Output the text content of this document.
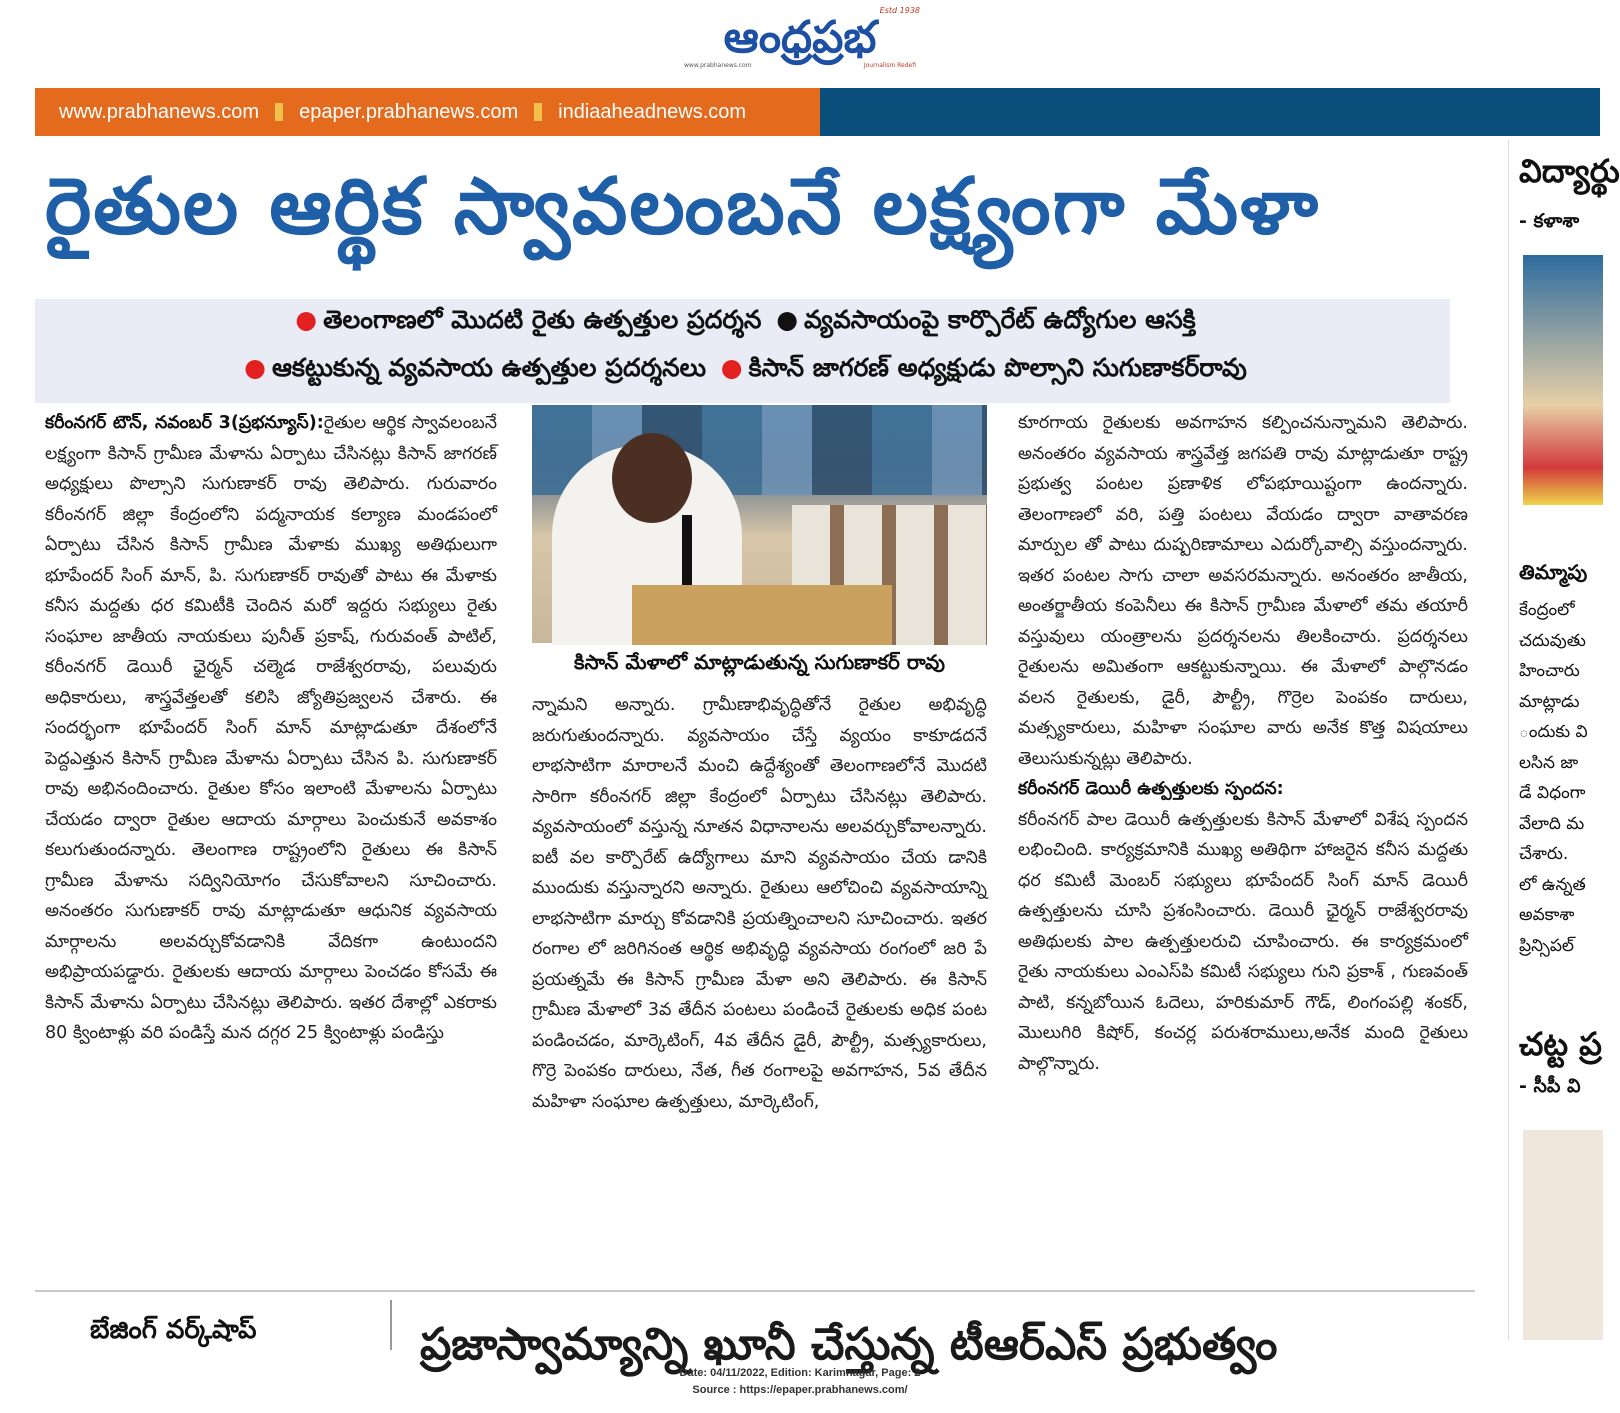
ఆంధ్రప్రభ
Estd 1938
www.prabhanews.com	Journalism Redefi
www.prabhanews.com epaper.prabhanews.com indiaaheadnews.com
రైతుల ఆర్థిక స్వావలంబనే లక్ష్యంగా మేళా
● తెలంగాణలో మొదటి రైతు ఉత్పత్తుల ప్రదర్శన ● వ్యవసాయంపై కార్పొరేట్ ఉద్యోగుల ఆసక్తి
● ఆకట్టుకున్న వ్యవసాయ ఉత్పత్తుల ప్రదర్శనలు ● కిసాన్ జాగరణ్ అధ్యక్షుడు పొల్సాని సుగుణాకర్‌రావు

కరీంనగర్ టౌన్, నవంబర్ 3(ప్రభన్యూస్):రైతుల ఆర్థిక స్వావలంబనే లక్ష్యంగా కిసాన్ గ్రామీణ మేళాను ఏర్పాటు చేసినట్లు కిసాన్ జాగరణ్ అధ్యక్షులు పొల్సాని సుగుణాకర్ రావు తెలిపారు. గురువారం కరీంనగర్ జిల్లా కేంద్రంలోని పద్మనాయక కల్యాణ మండపంలో ఏర్పాటు చేసిన కిసాన్ గ్రామీణ మేళాకు ముఖ్య అతిథులుగా భూపేందర్ సింగ్ మాన్, పి. సుగుణాకర్ రావుతో పాటు ఈ మేళాకు కనీస మద్దతు ధర కమిటీకి చెందిన మరో ఇద్దరు సభ్యులు రైతు సంఘాల జాతీయ నాయకులు పునీత్ ప్రకాష్, గురువంత్ పాటిల్, కరీంనగర్ డెయిరీ ఛైర్మన్ చల్మెడ రాజేశ్వరరావు, పలువురు అధికారులు, శాస్త్రవేత్తలతో కలిసి జ్యోతిప్రజ్వలన చేశారు. ఈ సందర్భంగా భూపేందర్ సింగ్ మాన్ మాట్లాడుతూ దేశంలోనే పెద్దఎత్తున కిసాన్ గ్రామీణ మేళాను ఏర్పాటు చేసిన పి. సుగుణాకర్ రావు అభినందించారు. రైతుల కోసం ఇలాంటి మేళాలను ఏర్పాటు చేయడం ద్వారా రైతుల ఆదాయ మార్గాలు పెంచుకునే అవకాశం కలుగుతుందన్నారు. తెలంగాణ రాష్ట్రంలోని రైతులు ఈ కిసాన్ గ్రామీణ మేళాను సద్వినియోగం చేసుకోవాలని సూచించారు. అనంతరం సుగుణాకర్ రావు మాట్లాడుతూ ఆధునిక వ్యవసాయ మార్గాలను అలవర్చుకోవడానికి వేదికగా ఉంటుందని అభిప్రాయపడ్డారు. రైతులకు ఆదాయ మార్గాలు పెంచడం కోసమే ఈ కిసాన్ మేళాను ఏర్పాటు చేసినట్లు తెలిపారు. ఇతర దేశాల్లో ఎకరాకు 80 క్వింటాళ్లు వరి పండిస్తే మన దగ్గర 25 క్వింటాళ్లు పండిస్తు

కిసాన్ మేళాలో మాట్లాడుతున్న సుగుణాకర్ రావు

న్నామని అన్నారు. గ్రామీణాభివృద్ధితోనే రైతుల అభివృద్ధి జరుగుతుందన్నారు. వ్యవసాయం చేస్తే వ్యయం కాకూడదనే లాభసాటిగా మారాలనే మంచి ఉద్దేశ్యంతో తెలంగాణలోనే మొదటి సారిగా కరీంనగర్ జిల్లా కేంద్రంలో ఏర్పాటు చేసినట్లు తెలిపారు. వ్యవసాయంలో వస్తున్న నూతన విధానాలను అలవర్చుకోవాలన్నారు. ఐటీ వల కార్పొరేట్ ఉద్యోగాలు మాని వ్యవసాయం చేయ డానికి ముందుకు వస్తున్నారని అన్నారు. రైతులు ఆలోచించి వ్యవసాయాన్ని లాభసాటిగా మార్చు కోవడానికి ప్రయత్నించాలని సూచించారు. ఇతర రంగాల లో జరిగినంత ఆర్థిక అభివృద్ధి వ్యవసాయ రంగంలో జరి పే ప్రయత్నమే ఈ కిసాన్ గ్రామీణ మేళా అని తెలిపారు. ఈ కిసాన్ గ్రామీణ మేళాలో 3వ తేదీన పంటలు పండించే రైతులకు అధిక పంట పండించడం, మార్కెటింగ్, 4వ తేదీన డైరీ, పౌల్ట్రీ, మత్స్యకారులు, గొర్రె పెంపకం దారులు, నేత, గీత రంగాలపై అవగాహన, 5వ తేదీన మహిళా సంఘాల ఉత్పత్తులు, మార్కెటింగ్,

కూరగాయ రైతులకు అవగాహన కల్పించనున్నామని తెలిపారు. అనంతరం వ్యవసాయ శాస్త్రవేత్త జగపతి రావు మాట్లాడుతూ రాష్ట్ర ప్రభుత్వ పంటల ప్రణాళిక లోపభూయిష్టంగా ఉందన్నారు. తెలంగాణలో వరి, పత్తి పంటలు వేయడం ద్వారా వాతావరణ మార్పుల తో పాటు దుష్పరిణామాలు ఎదుర్కోవాల్సి వస్తుందన్నారు. ఇతర పంటల సాగు చాలా అవసరమన్నారు. అనంతరం జాతీయ, అంతర్జాతీయ కంపెనీలు ఈ కిసాన్ గ్రామీణ మేళాలో తమ తయారీ వస్తువులు యంత్రాలను ప్రదర్శనలను తిలకించారు. ప్రదర్శనలు రైతులను అమితంగా ఆకట్టుకున్నాయి. ఈ మేళాలో పాల్గొనడం వలన రైతులకు, డైరీ, పౌల్ట్రీ, గొర్రెల పెంపకం దారులు, మత్స్యకారులు, మహిళా సంఘాల వారు అనేక కొత్త విషయాలు తెలుసుకున్నట్లు తెలిపారు.

కరీంనగర్ డెయిరీ ఉత్పత్తులకు స్పందన:

కరీంనగర్ పాల డెయిరీ ఉత్పత్తులకు కిసాన్ మేళాలో విశేష స్పందన లభించింది. కార్యక్రమానికి ముఖ్య అతిథిగా హాజరైన కనీస మద్దతు ధర కమిటీ మెంబర్ సభ్యులు భూపేందర్ సింగ్ మాన్ డెయిరీ ఉత్పత్తులను చూసి ప్రశంసించారు. డెయిరీ ఛైర్మన్ రాజేశ్వరరావు అతిథులకు పాల ఉత్పత్తులరుచి చూపించారు. ఈ కార్యక్రమంలో రైతు నాయకులు ఎంఎస్‌పి కమిటీ సభ్యులు గుని ప్రకాశ్ , గుణవంత్ పాటి, కన్నబోయిన ఓదెలు, హరికుమార్ గౌడ్, లింగంపల్లి శంకర్, మొలుగిరి కిషోర్, కంచర్ల పరుశరాములు,అనేక మంది రైతులు పాల్గొన్నారు.

బేజింగ్ వర్క్‌షాప్	ప్రజాస్వామ్యాన్ని ఖూనీ చేస్తున్న టీఆర్ఎస్ ప్రభుత్వం
విద్యార్థు
- కళాశా
తిమ్మాపు
కేంద్రంలో
చదువుతు
హించారు
మాట్లాడు
ందుకు వి
లసిన జా
డే విధంగా
వేలాది మ
చేశారు.
లో ఉన్నత
అవకాశా
ప్రిన్సిపల్
చట్ట ప్ర
- సీపీ వి
Date: 04/11/2022, Edition: Karimnagar, Page: 2
Source : https://epaper.prabhanews.com/
